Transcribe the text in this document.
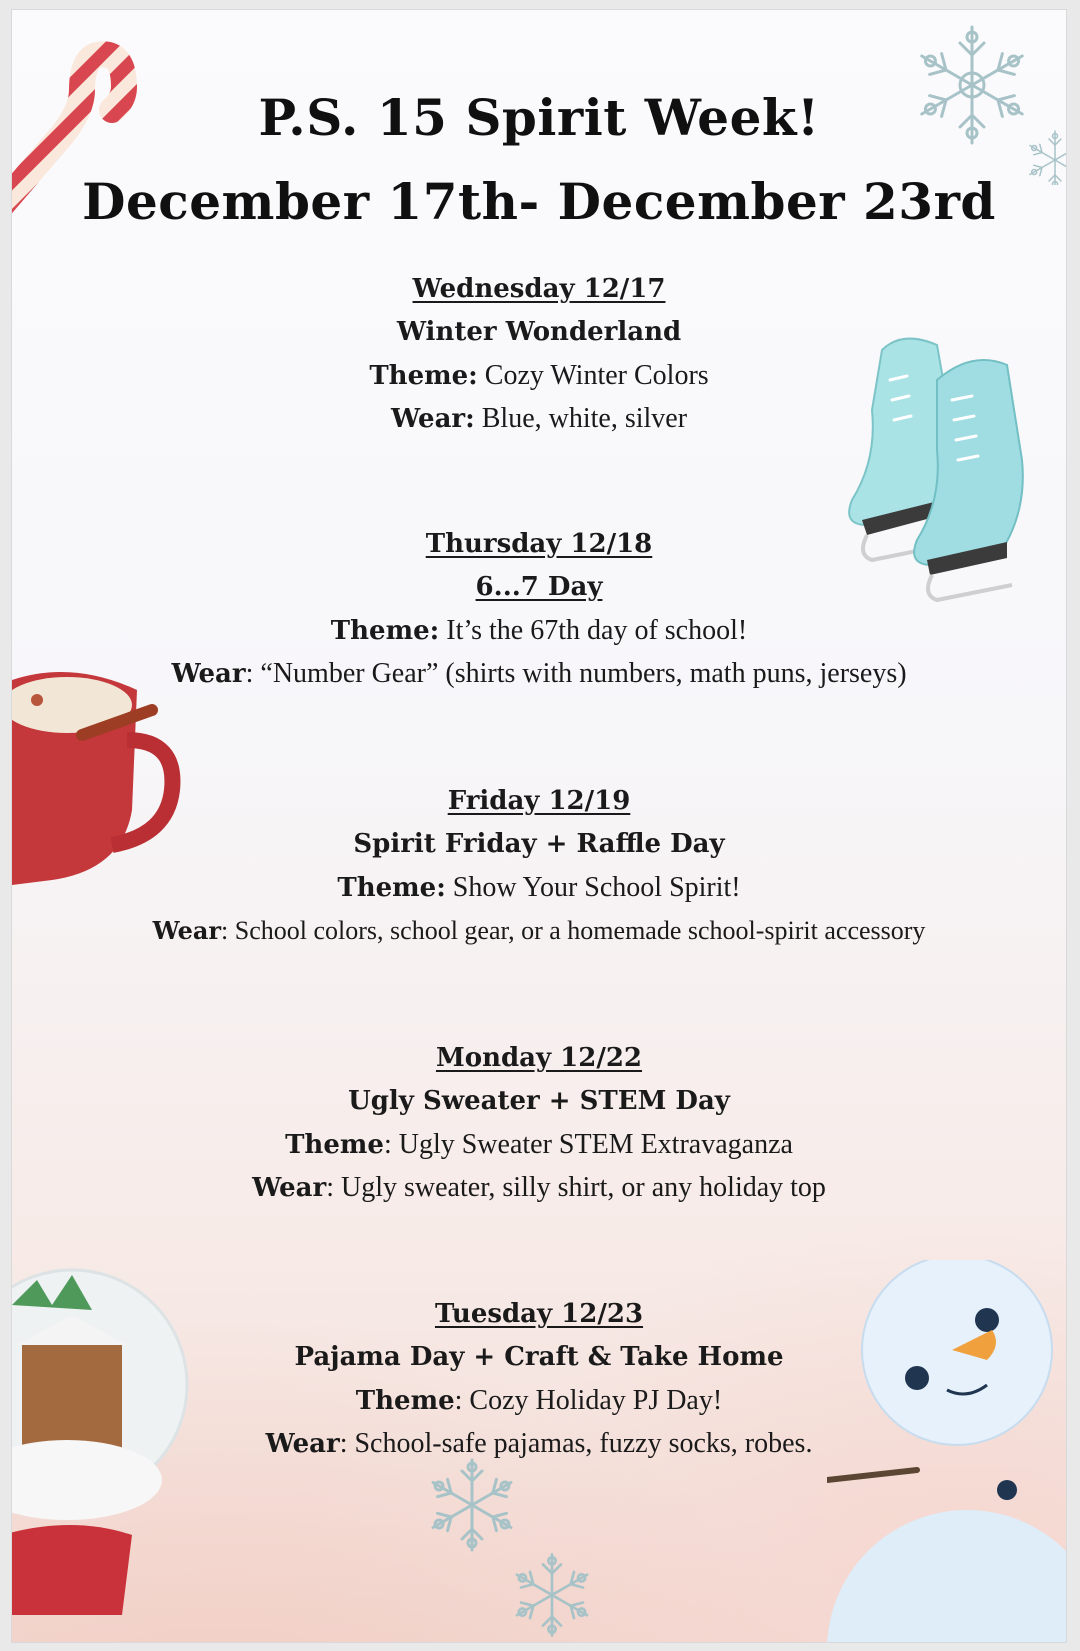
P.S. 15 Spirit Week!
December 17th- December 23rd
Wednesday 12/17
Winter Wonderland
Theme: Cozy Winter Colors
Wear: Blue, white, silver
Thursday 12/18
6...7 Day
Theme: It’s the 67th day of school!
Wear: “Number Gear” (shirts with numbers, math puns, jerseys)
Friday 12/19
Spirit Friday + Raffle Day
Theme: Show Your School Spirit!
Wear: School colors, school gear, or a homemade school-spirit accessory
Monday 12/22
Ugly Sweater + STEM Day
Theme: Ugly Sweater STEM Extravaganza
Wear: Ugly sweater, silly shirt, or any holiday top
Tuesday 12/23
Pajama Day + Craft & Take Home
Theme: Cozy Holiday PJ Day!
Wear: School-safe pajamas, fuzzy socks, robes.
